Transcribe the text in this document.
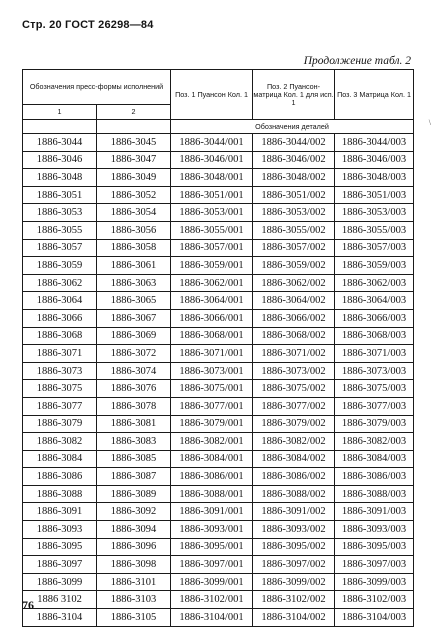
Стр. 20 ГОСТ 26298—84
Продолжение табл. 2
\
Обозначения пресс-формы исполнений		Поз. 1 Пуансон Кол. 1	Поз. 2 Пуансон-матрица Кол. 1 для исп. 1	Поз. 3 Матрица Кол. 1
1	2			
		Обозначения деталей		
1886-3044	1886-3045	1886-3044/001	1886-3044/002	1886-3044/003
1886-3046	1886-3047	1886-3046/001	1886-3046/002	1886-3046/003
1886-3048	1886-3049	1886-3048/001	1886-3048/002	1886-3048/003
1886-3051	1886-3052	1886-3051/001	1886-3051/002	1886-3051/003
1886-3053	1886-3054	1886-3053/001	1886-3053/002	1886-3053/003
1886-3055	1886-3056	1886-3055/001	1886-3055/002	1886-3055/003
1886-3057	1886-3058	1886-3057/001	1886-3057/002	1886-3057/003
1886-3059	1886-3061	1886-3059/001	1886-3059/002	1886-3059/003
1886-3062	1886-3063	1886-3062/001	1886-3062/002	1886-3062/003
1886-3064	1886-3065	1886-3064/001	1886-3064/002	1886-3064/003
1886-3066	1886-3067	1886-3066/001	1886-3066/002	1886-3066/003
1886-3068	1886-3069	1886-3068/001	1886-3068/002	1886-3068/003
1886-3071	1886-3072	1886-3071/001	1886-3071/002	1886-3071/003
1886-3073	1886-3074	1886-3073/001	1886-3073/002	1886-3073/003
1886-3075	1886-3076	1886-3075/001	1886-3075/002	1886-3075/003
1886-3077	1886-3078	1886-3077/001	1886-3077/002	1886-3077/003
1886-3079	1886-3081	1886-3079/001	1886-3079/002	1886-3079/003
1886-3082	1886-3083	1886-3082/001	1886-3082/002	1886-3082/003
1886-3084	1886-3085	1886-3084/001	1886-3084/002	1886-3084/003
1886-3086	1886-3087	1886-3086/001	1886-3086/002	1886-3086/003
1886-3088	1886-3089	1886-3088/001	1886-3088/002	1886-3088/003
1886-3091	1886-3092	1886-3091/001	1886-3091/002	1886-3091/003
1886-3093	1886-3094	1886-3093/001	1886-3093/002	1886-3093/003
1886-3095	1886-3096	1886-3095/001	1886-3095/002	1886-3095/003
1886-3097	1886-3098	1886-3097/001	1886-3097/002	1886-3097/003
1886-3099	1886-3101	1886-3099/001	1886-3099/002	1886-3099/003
1886 3102	1886-3103	1886-3102/001	1886-3102/002	1886-3102/003
1886-3104	1886-3105	1886-3104/001	1886-3104/002	1886-3104/003
76
